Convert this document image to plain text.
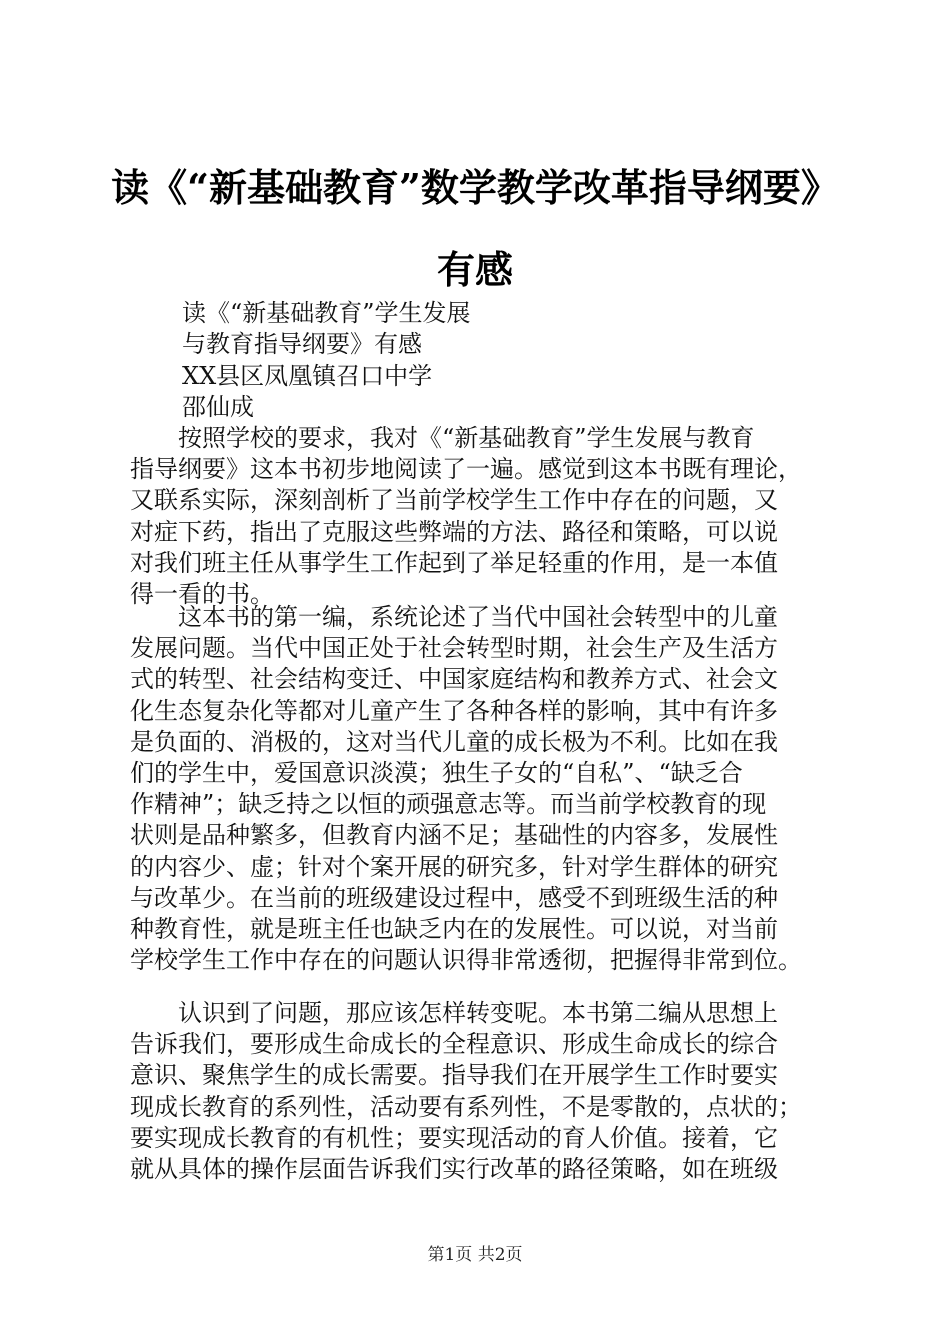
读《“新基础教育”数学教学改革指导纲要》
有感
读《“新基础教育”学生发展
与教育指导纲要》有感
XX县区凤凰镇召口中学
邵仙成
　　按照学校的要求，我对《“新基础教育”学生发展与教育
指导纲要》这本书初步地阅读了一遍。感觉到这本书既有理论，
又联系实际，深刻剖析了当前学校学生工作中存在的问题，又
对症下药，指出了克服这些弊端的方法、路径和策略，可以说
对我们班主任从事学生工作起到了举足轻重的作用，是一本值
得一看的书。
　　这本书的第一编，系统论述了当代中国社会转型中的儿童
发展问题。当代中国正处于社会转型时期，社会生产及生活方
式的转型、社会结构变迁、中国家庭结构和教养方式、社会文
化生态复杂化等都对儿童产生了各种各样的影响，其中有许多
是负面的、消极的，这对当代儿童的成长极为不利。比如在我
们的学生中，爱国意识淡漠；独生子女的“自私”、“缺乏合
作精神”；缺乏持之以恒的顽强意志等。而当前学校教育的现
状则是品种繁多，但教育内涵不足；基础性的内容多，发展性
的内容少、虚；针对个案开展的研究多，针对学生群体的研究
与改革少。在当前的班级建设过程中，感受不到班级生活的种
种教育性，就是班主任也缺乏内在的发展性。可以说，对当前
学校学生工作中存在的问题认识得非常透彻，把握得非常到位。
　　认识到了问题，那应该怎样转变呢。本书第二编从思想上
告诉我们，要形成生命成长的全程意识、形成生命成长的综合
意识、聚焦学生的成长需要。指导我们在开展学生工作时要实
现成长教育的系列性，活动要有系列性，不是零散的，点状的；
要实现成长教育的有机性；要实现活动的育人价值。接着，它
就从具体的操作层面告诉我们实行改革的路径策略，如在班级
第1页 共2页
